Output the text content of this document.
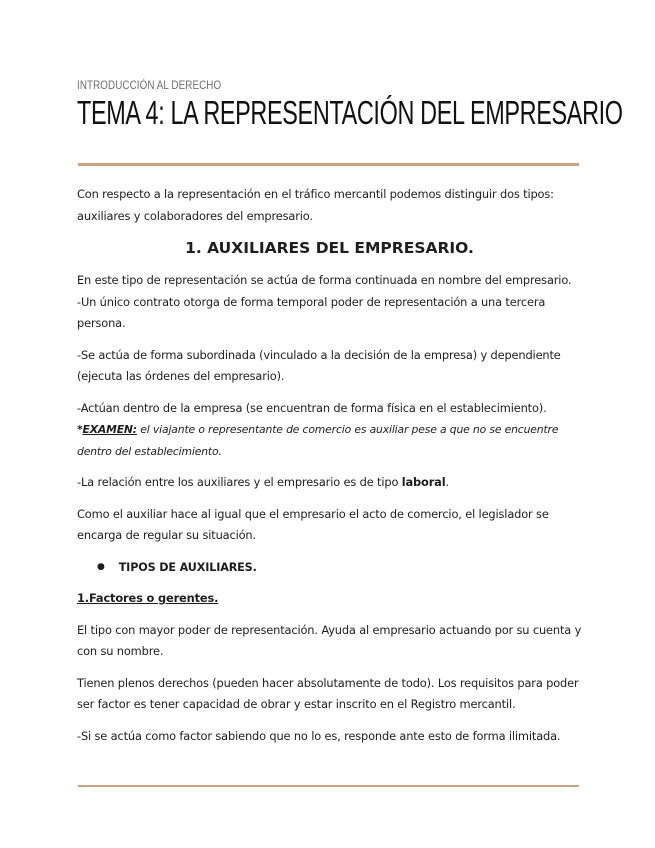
INTRODUCCIÓN AL DERECHO
TEMA 4: LA REPRESENTACIÓN DEL EMPRESARIO

Con respecto a la representación en el tráfico mercantil podemos distinguir dos tipos: auxiliares y colaboradores del empresario.

1. AUXILIARES DEL EMPRESARIO.

En este tipo de representación se actúa de forma continuada en nombre del empresario.

-Un único contrato otorga de forma temporal poder de representación a una tercera persona.

-Se actúa de forma subordinada (vinculado a la decisión de la empresa) y dependiente (ejecuta las órdenes del empresario).

-Actúan dentro de la empresa (se encuentran de forma física en el establecimiento).

*EXAMEN: el viajante o representante de comercio es auxiliar pese a que no se encuentre dentro del establecimiento.

-La relación entre los auxiliares y el empresario es de tipo laboral.

Como el auxiliar hace al igual que el empresario el acto de comercio, el legislador se encarga de regular su situación.

● TIPOS DE AUXILIARES.
1.Factores o gerentes.

El tipo con mayor poder de representación. Ayuda al empresario actuando por su cuenta y con su nombre.

Tienen plenos derechos (pueden hacer absolutamente de todo). Los requisitos para poder ser factor es tener capacidad de obrar y estar inscrito en el Registro mercantil.

-Si se actúa como factor sabiendo que no lo es, responde ante esto de forma ilimitada.
